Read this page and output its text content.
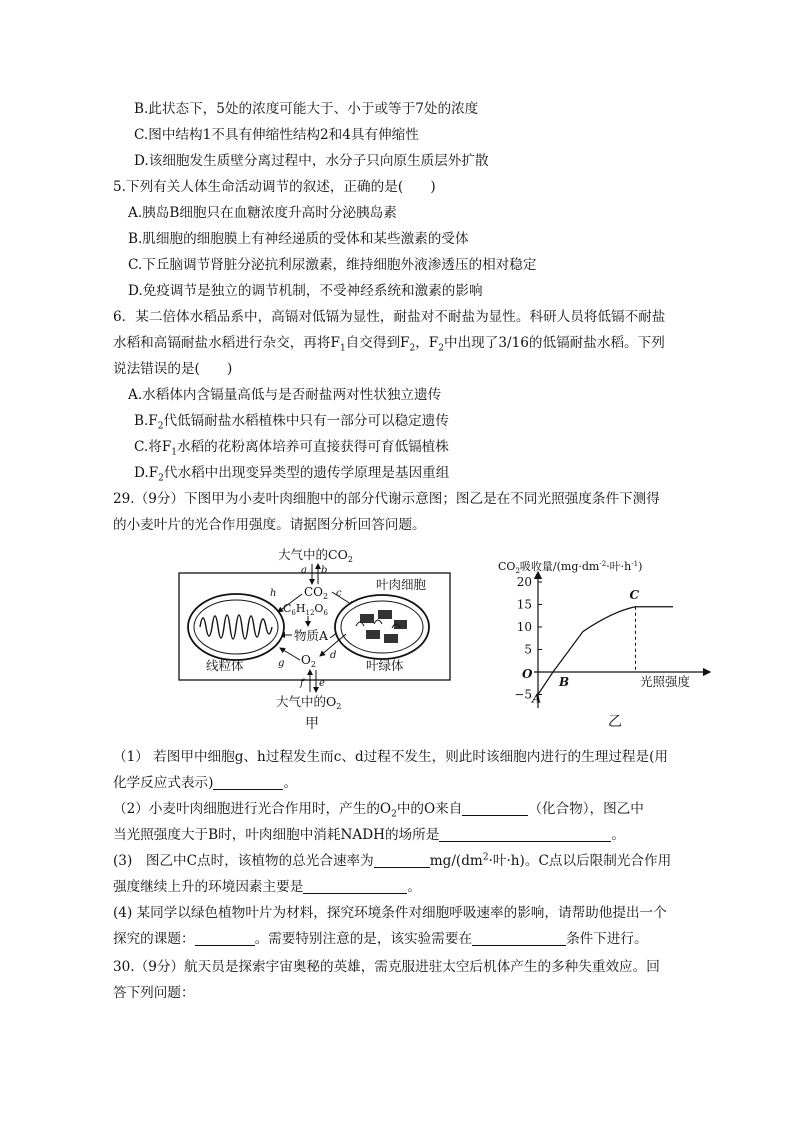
B.此状态下，5处的浓度可能大于、小于或等于7处的浓度
C.图中结构1不具有伸缩性结构2和4具有伸缩性
D.该细胞发生质壁分离过程中，水分子只向原生质层外扩散
5.下列有关人体生命活动调节的叙述，正确的是(　　)
A.胰岛B细胞只在血糖浓度升高时分泌胰岛素
B.肌细胞的细胞膜上有神经递质的受体和某些激素的受体
C.下丘脑调节肾脏分泌抗利尿激素，维持细胞外液渗透压的相对稳定
D.免疫调节是独立的调节机制，不受神经系统和激素的影响
6．某二倍体水稻品系中，高镉对低镉为显性，耐盐对不耐盐为显性。科研人员将低镉不耐盐
水稻和高镉耐盐水稻进行杂交，再将$F_1$自交得到$F_2$，$F_2$中出现了3/16的低镉耐盐水稻。下列
说法错误的是(　　)
A.水稻体内含镉量高低与是否耐盐两对性状独立遗传
$B.F_2$代低镉耐盐水稻植株中只有一部分可以稳定遗传
C.将$F_1$水稻的花粉离体培养可直接获得可育低镉植株
$D.F_2$代水稻中出现变异类型的遗传学原理是基因重组
29.（9分）下图甲为小麦叶肉细胞中的部分代谢示意图；图乙是在不同光照强度条件下测得
的小麦叶片的光合作用强度。请据图分析回答问题。
大气中的$CO_2$
a b
$CO_2$ c
叶肉细胞
h
$C_6H_{12}O_6$
物质A
线粒体	叶绿体
$O_2$
d
g
f e
大气中的$O_2$
甲
$CO_2$吸收量$/(mg\cdot dm^{-2}\cdot$叶$\cdot h^{-1}$)
光照强度
O
20
15
10
5
−5 A
B
C
乙
（1） 若图甲中细胞g、h过程发生而c、d过程不发生，则此时该细胞内进行的生理过程是(用
化学反应式表示)	。
（2）小麦叶肉细胞进行光合作用时，产生的$O_2$中的O来自	（化合物），图乙中
当光照强度大于B时，叶肉细胞中消耗NADH的场所是	。
(3)　图乙中C点时，该植物的总光合速率为	$mg/(dm^2\cdot$叶·h)。C点以后限制光合作用
强度继续上升的环境因素主要是	。
(4) 某同学以绿色植物叶片为材料，探究环境条件对细胞呼吸速率的影响，请帮助他提出一个
探究的课题：	。需要特别注意的是，该实验需要在	条件下进行。
30.（9分）航天员是探索宇宙奥秘的英雄，需克服进驻太空后机体产生的多种失重效应。回
答下列问题：
